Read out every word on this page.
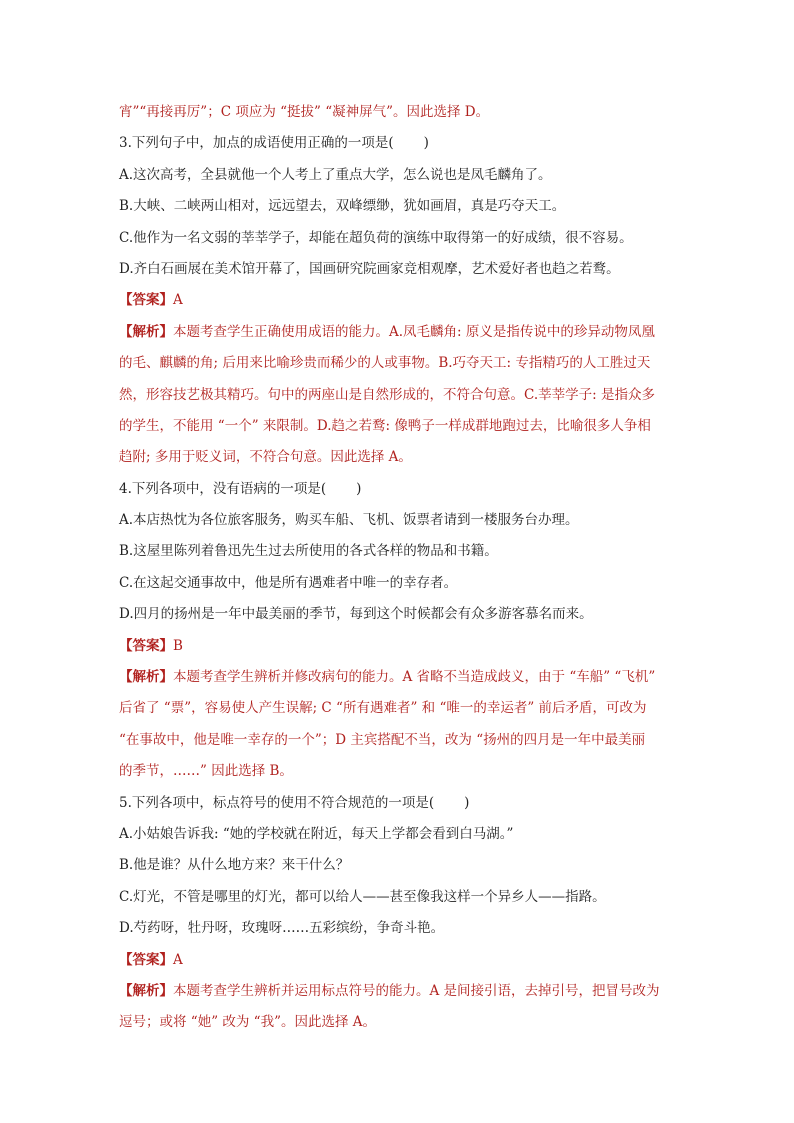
宵”“再接再厉”；C 项应为 “挺拔” “凝神屏气”。因此选择 D。
3.下列句子中，加点的成语使用正确的一项是( )
A.这次高考，全县就他一个人考上了重点大学，怎么说也是凤毛麟角了。
B.大峡、二峡两山相对，远远望去，双峰缥缈，犹如画眉，真是巧夺天工。
C.他作为一名文弱的莘莘学子，却能在超负荷的演练中取得第一的好成绩，很不容易。
D.齐白石画展在美术馆开幕了，国画研究院画家竞相观摩，艺术爱好者也趋之若鹜。
【答案】A
【解析】本题考查学生正确使用成语的能力。A.凤毛麟角: 原义是指传说中的珍异动物凤凰
的毛、麒麟的角; 后用来比喻珍贵而稀少的人或事物。B.巧夺天工: 专指精巧的人工胜过天
然，形容技艺极其精巧。句中的两座山是自然形成的，不符合句意。C.莘莘学子: 是指众多
的学生，不能用 “一个” 来限制。D.趋之若鹜: 像鸭子一样成群地跑过去，比喻很多人争相
趋附; 多用于贬义词，不符合句意。因此选择 A。
4.下列各项中，没有语病的一项是( )
A.本店热忱为各位旅客服务，购买车船、飞机、饭票者请到一楼服务台办理。
B.这屋里陈列着鲁迅先生过去所使用的各式各样的物品和书籍。
C.在这起交通事故中，他是所有遇难者中唯一的幸存者。
D.四月的扬州是一年中最美丽的季节，每到这个时候都会有众多游客慕名而来。
【答案】B
【解析】本题考查学生辨析并修改病句的能力。A 省略不当造成歧义，由于 “车船” “飞机”
后省了 “票”，容易使人产生误解; C “所有遇难者” 和 “唯一的幸运者” 前后矛盾，可改为
“在事故中，他是唯一幸存的一个”；D 主宾搭配不当，改为 “扬州的四月是一年中最美丽
的季节，……” 因此选择 B。
5.下列各项中，标点符号的使用不符合规范的一项是( )
A.小姑娘告诉我: “她的学校就在附近，每天上学都会看到白马湖。”
B.他是谁？从什么地方来？来干什么？
C.灯光，不管是哪里的灯光，都可以给人——甚至像我这样一个异乡人——指路。
D.芍药呀，牡丹呀，玫瑰呀……五彩缤纷，争奇斗艳。
【答案】A
【解析】本题考查学生辨析并运用标点符号的能力。A 是间接引语，去掉引号，把冒号改为
逗号；或将 “她” 改为 “我”。因此选择 A。
